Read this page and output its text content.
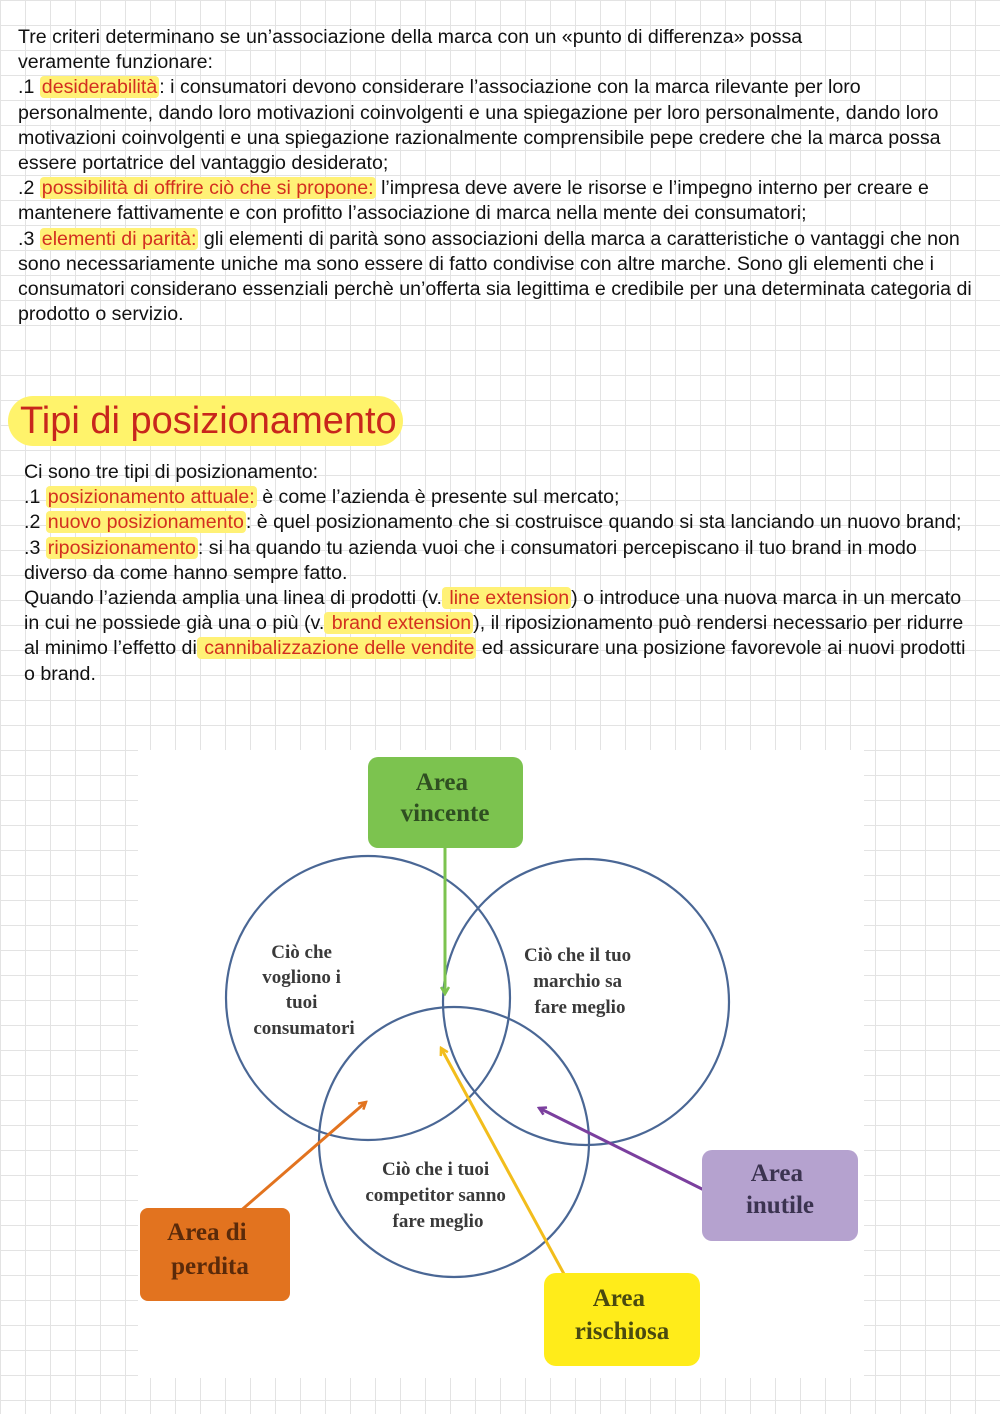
Tre criteri determinano se un’associazione della marca con un «punto di differenza» possa
veramente funzionare:

.1 desiderabilità : i consumatori devono considerare l’associazione con la marca rilevante per loro personalmente, dando loro motivazioni coinvolgenti e una spiegazione per loro personalmente, dando loro motivazioni coinvolgenti e una spiegazione razionalmente comprensibile pepe credere che la marca possa essere portatrice del vantaggio desiderato;

.2 possibilità di offrire ciò che si propone: l’impresa deve avere le risorse e l’impegno interno per creare e mantenere fattivamente e con profitto l’associazione di marca nella mente dei consumatori;

.3 elementi di parità: gli elementi di parità sono associazioni della marca a caratteristiche o vantaggi che non sono necessariamente uniche ma sono essere di fatto condivise con altre marche. Sono gli elementi che i consumatori considerano essenziali perchè un’offerta sia legittima e credibile per una determinata categoria di prodotto o servizio.

Tipi di posizionamento

Ci sono tre tipi di posizionamento:

.1 posizionamento attuale: è come l’azienda è presente sul mercato;

.2 nuovo posizionamento : è quel posizionamento che si costruisce quando si sta lanciando un nuovo brand;

.3 riposizionamento : si ha quando tu azienda vuoi che i consumatori percepiscano il tuo brand in modo diverso da come hanno sempre fatto.

Quando l’azienda amplia una linea di prodotti (v. line extension ) o introduce una nuova marca in un mercato in cui ne possiede già una o più (v. brand extension ), il riposizionamento può rendersi necessario per ridurre al minimo l’effetto di cannibalizzazione delle vendite ed assicurare una posizione favorevole ai nuovi prodotti o brand.

Ciò che vogliono i tuoi consumatori
Ciò che il tuo marchio sa fare meglio
Ciò che i tuoi competitor sanno fare meglio
Area vincente
Area inutile
Area di perdita
Area rischiosa
